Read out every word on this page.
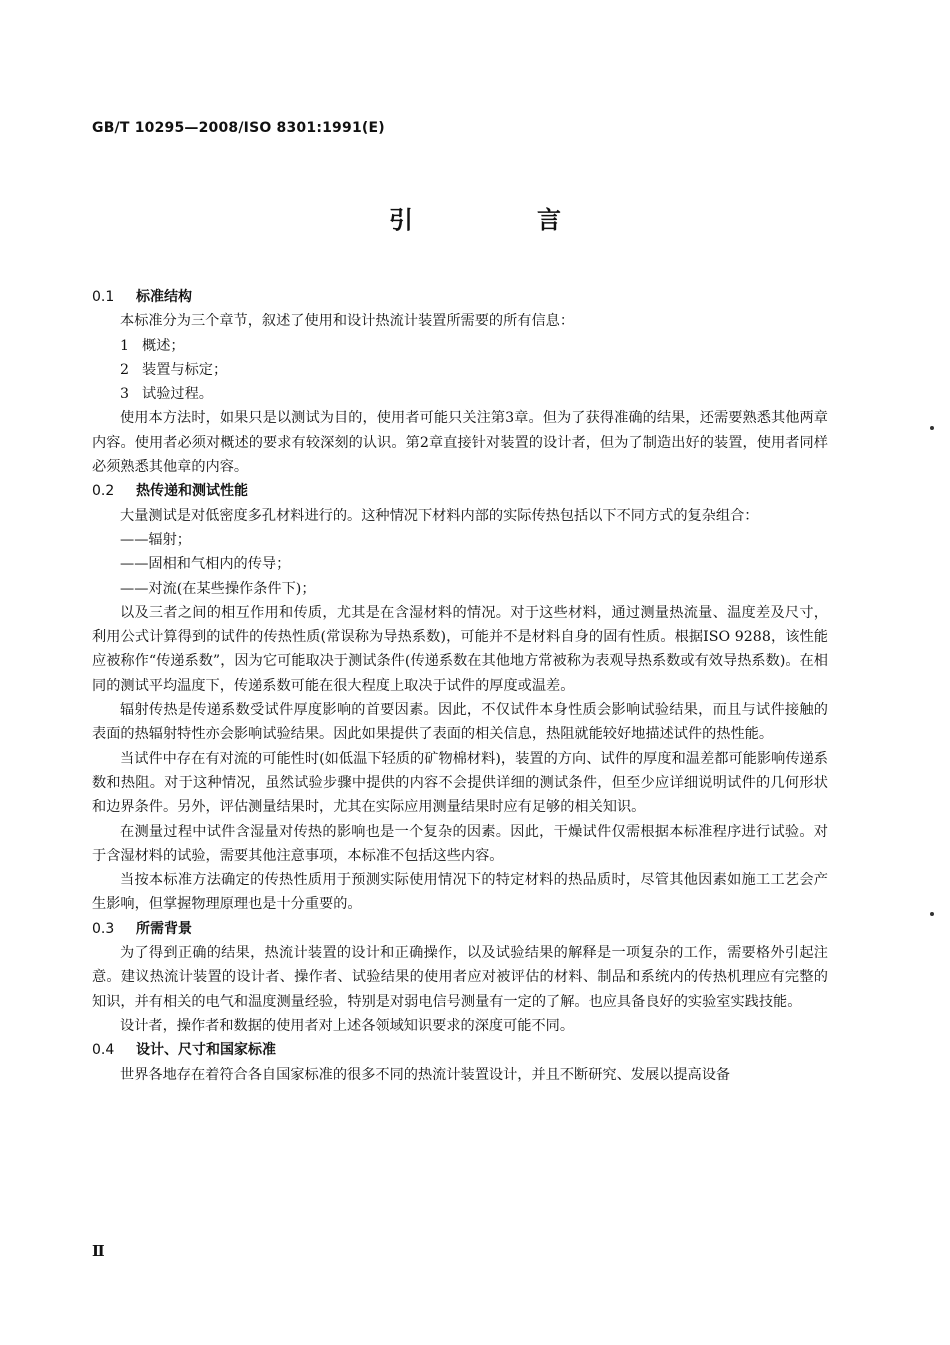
GB/T 10295—2008/ISO 8301:1991(E)
引　言

0.1 标准结构

本标准分为三个章节，叙述了使用和设计热流计装置所需要的所有信息：

1 概述；

2 装置与标定；

3 试验过程。

使用本方法时，如果只是以测试为目的，使用者可能只关注第3章。但为了获得准确的结果，还需要熟悉其他两章内容。使用者必须对概述的要求有较深刻的认识。第2章直接针对装置的设计者，但为了制造出好的装置，使用者同样必须熟悉其他章的内容。

0.2 热传递和测试性能

大量测试是对低密度多孔材料进行的。这种情况下材料内部的实际传热包括以下不同方式的复杂组合：

——辐射；

——固相和气相内的传导；

——对流(在某些操作条件下)；

以及三者之间的相互作用和传质，尤其是在含湿材料的情况。对于这些材料，通过测量热流量、温度差及尺寸，利用公式计算得到的试件的传热性质(常误称为导热系数)，可能并不是材料自身的固有性质。根据ISO 9288，该性能应被称作“传递系数”，因为它可能取决于测试条件(传递系数在其他地方常被称为表观导热系数或有效导热系数)。在相同的测试平均温度下，传递系数可能在很大程度上取决于试件的厚度或温差。

辐射传热是传递系数受试件厚度影响的首要因素。因此，不仅试件本身性质会影响试验结果，而且与试件接触的表面的热辐射特性亦会影响试验结果。因此如果提供了表面的相关信息，热阻就能较好地描述试件的热性能。

当试件中存在有对流的可能性时(如低温下轻质的矿物棉材料)，装置的方向、试件的厚度和温差都可能影响传递系数和热阻。对于这种情况，虽然试验步骤中提供的内容不会提供详细的测试条件，但至少应详细说明试件的几何形状和边界条件。另外，评估测量结果时，尤其在实际应用测量结果时应有足够的相关知识。

在测量过程中试件含湿量对传热的影响也是一个复杂的因素。因此，干燥试件仅需根据本标准程序进行试验。对于含湿材料的试验，需要其他注意事项，本标准不包括这些内容。

当按本标准方法确定的传热性质用于预测实际使用情况下的特定材料的热品质时，尽管其他因素如施工工艺会产生影响，但掌握物理原理也是十分重要的。

0.3 所需背景

为了得到正确的结果，热流计装置的设计和正确操作，以及试验结果的解释是一项复杂的工作，需要格外引起注意。建议热流计装置的设计者、操作者、试验结果的使用者应对被评估的材料、制品和系统内的传热机理应有完整的知识，并有相关的电气和温度测量经验，特别是对弱电信号测量有一定的了解。也应具备良好的实验室实践技能。

设计者，操作者和数据的使用者对上述各领域知识要求的深度可能不同。

0.4 设计、尺寸和国家标准

世界各地存在着符合各自国家标准的很多不同的热流计装置设计，并且不断研究、发展以提高设备

Ⅱ
